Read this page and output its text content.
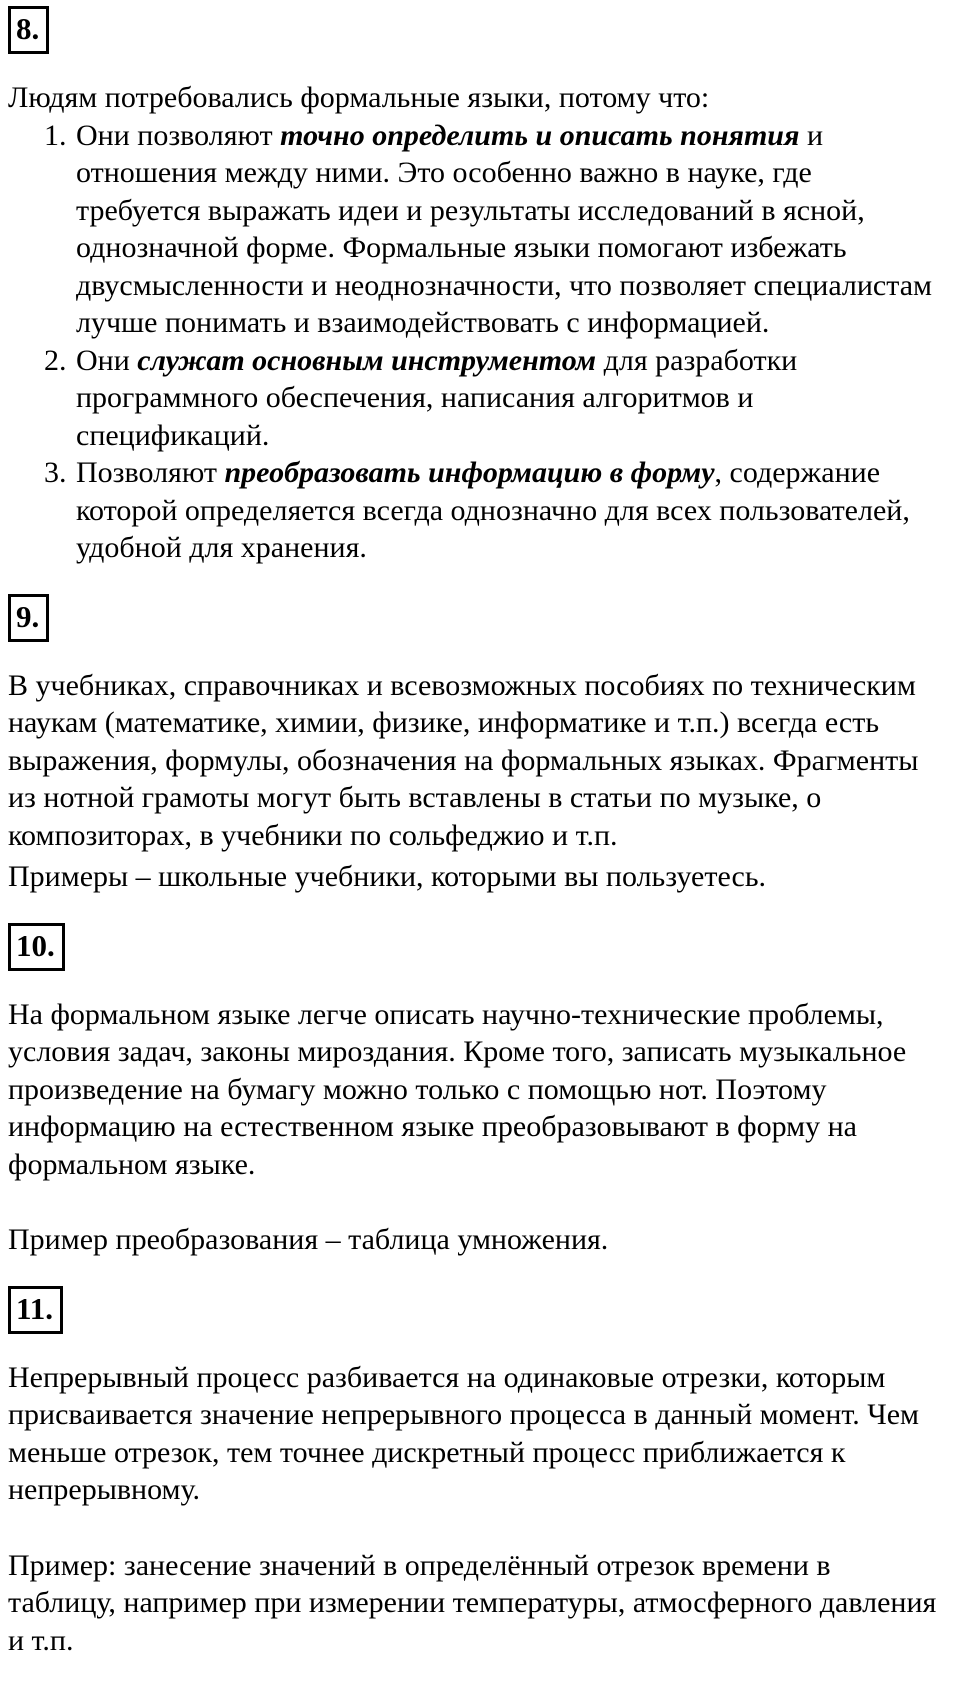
8.

Людям потребовались формальные языки, потому что:

1. Они позволяют точно определить и описать понятия и отношения между ними. Это особенно важно в науке, где требуется выражать идеи и результаты исследований в ясной, однозначной форме. Формальные языки помогают избежать двусмысленности и неоднозначности, что позволяет специалистам лучше понимать и взаимодействовать с информацией.
2. Они служат основным инструментом для разработки программного обеспечения, написания алгоритмов и спецификаций.
3. Позволяют преобразовать информацию в форму, содержание которой определяется всегда однозначно для всех пользователей, удобной для хранения.
9.

В учебниках, справочниках и всевозможных пособиях по техническим наукам (математике, химии, физике, информатике и т.п.) всегда есть выражения, формулы, обозначения на формальных языках. Фрагменты из нотной грамоты могут быть вставлены в статьи по музыке, о композиторах, в учебники по сольфеджио и т.п.

Примеры – школьные учебники, которыми вы пользуетесь.

10.

На формальном языке легче описать научно-технические проблемы, условия задач, законы мироздания. Кроме того, записать музыкальное произведение на бумагу можно только с помощью нот. Поэтому информацию на естественном языке преобразовывают в форму на формальном языке.

Пример преобразования – таблица умножения.

11.

Непрерывный процесс разбивается на одинаковые отрезки, которым присваивается значение непрерывного процесса в данный момент. Чем меньше отрезок, тем точнее дискретный процесс приближается к непрерывному.

Пример: занесение значений в определённый отрезок времени в таблицу, например при измерении температуры, атмосферного давления и т.п.
